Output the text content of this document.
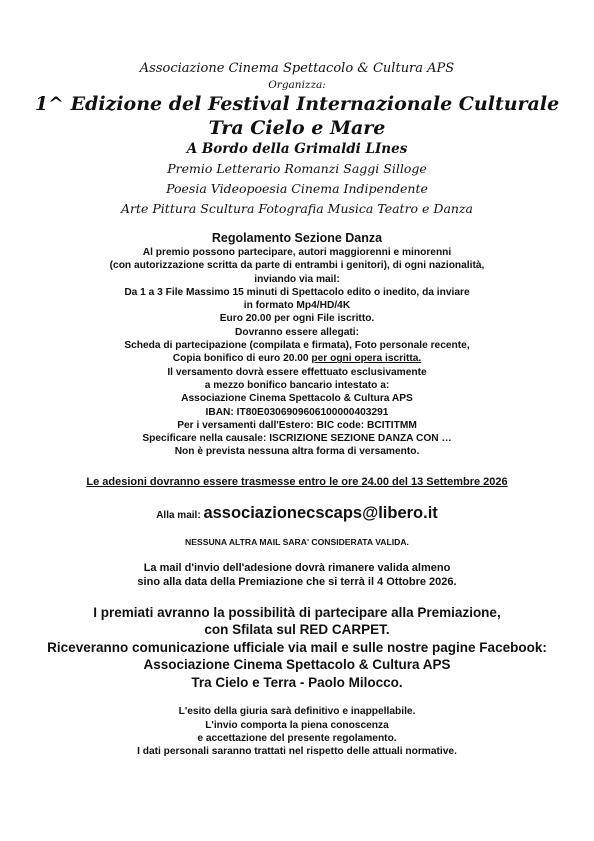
Associazione Cinema Spettacolo & Cultura APS
Organizza:
1^ Edizione del Festival Internazionale Culturale
Tra Cielo e Mare
A Bordo della Grimaldi LInes
Premio Letterario Romanzi Saggi Silloge
Poesia Videopoesia Cinema Indipendente
Arte Pittura Scultura Fotografia Musica Teatro e Danza
Regolamento Sezione Danza
Al premio possono partecipare, autori maggiorenni e minorenni
(con autorizzazione scritta da parte di entrambi i genitori), di ogni nazionalità,
inviando via mail:
Da 1 a 3 File Massimo 15 minuti di Spettacolo edito o inedito, da inviare
in formato Mp4/HD/4K
Euro 20.00 per ogni File iscritto.
Dovranno essere allegati:
Scheda di partecipazione (compilata e firmata), Foto personale recente,
Copia bonifico di euro 20.00 per ogni opera iscritta.
Il versamento dovrà essere effettuato esclusivamente
a mezzo bonifico bancario intestato a:
Associazione Cinema Spettacolo & Cultura APS
IBAN: IT80E0306909606100000403291
Per i versamenti dall'Estero: BIC code: BCITITMM
Specificare nella causale: ISCRIZIONE SEZIONE DANZA CON …
Non è prevista nessuna altra forma di versamento.
Le adesioni dovranno essere trasmesse entro le ore 24.00 del 13 Settembre 2026
Alla mail: associazionecscaps@libero.it
NESSUNA ALTRA MAIL SARA' CONSIDERATA VALIDA.
La mail d'invio dell'adesione dovrà rimanere valida almeno
sino alla data della Premiazione che si terrà il 4 Ottobre 2026.
I premiati avranno la possibilità di partecipare alla Premiazione,
con Sfilata sul RED CARPET.
Riceveranno comunicazione ufficiale via mail e sulle nostre pagine Facebook:
Associazione Cinema Spettacolo & Cultura APS
Tra Cielo e Terra - Paolo Milocco.
L'esito della giuria sarà definitivo e inappellabile.
L'invio comporta la piena conoscenza
e accettazione del presente regolamento.
I dati personali saranno trattati nel rispetto delle attuali normative.
